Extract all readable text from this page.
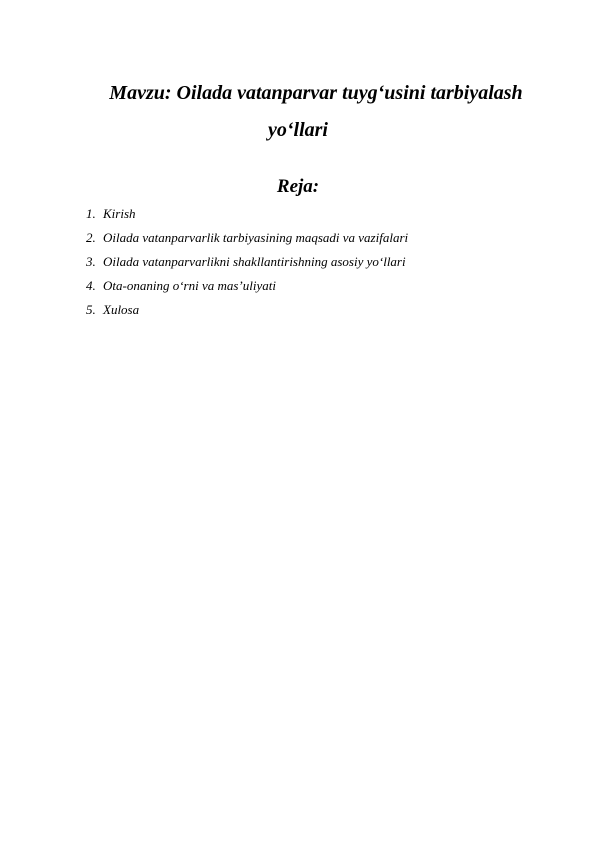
Mavzu: Oilada vatanparvar tuyg‘usini tarbiyalash
yo‘llari
Reja:
1. Kirish
2. Oilada vatanparvarlik tarbiyasining maqsadi va vazifalari
3. Oilada vatanparvarlikni shakllantirishning asosiy yo‘llari
4. Ota-onaning o‘rni va mas’uliyati
5. Xulosa
